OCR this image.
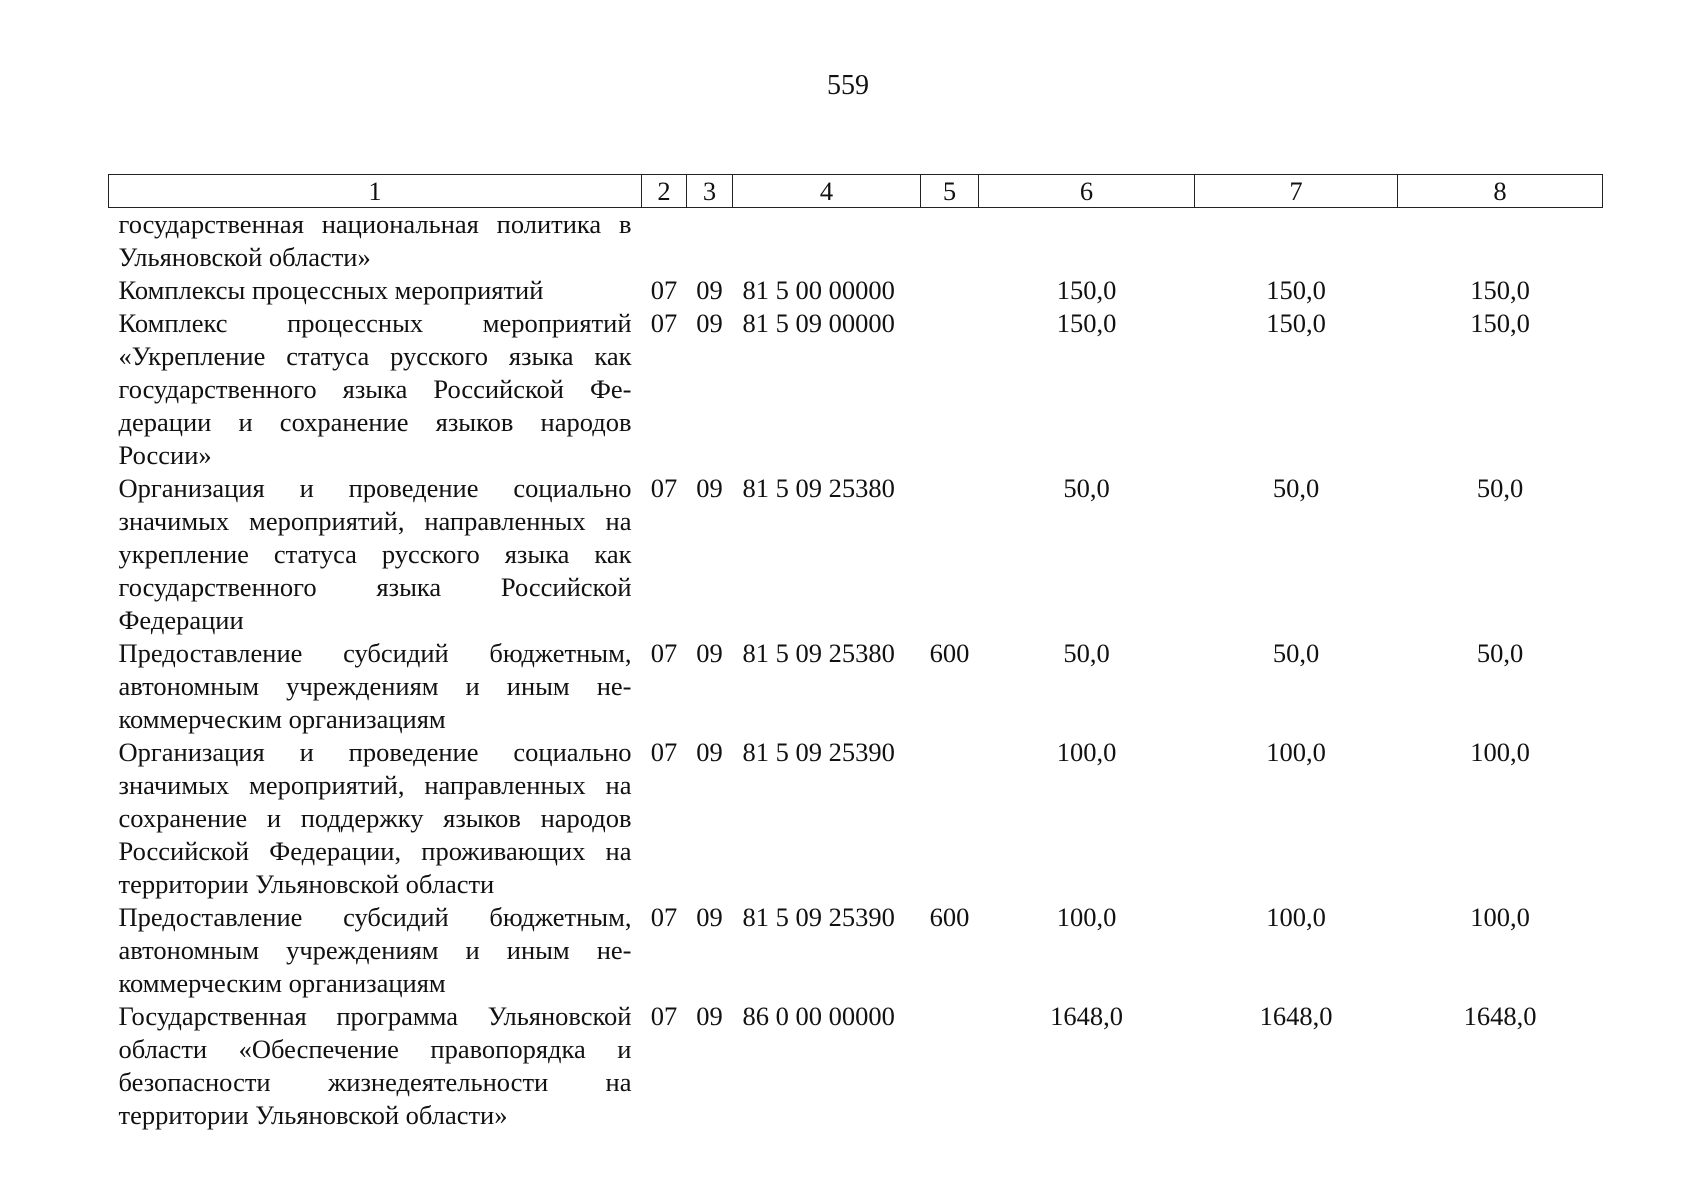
559
1	2	3	4	5	6	7	8
государственная национальная политика в Ульяновской области»							
Комплексы процессных мероприятий	07	09	81 5 00 00000		150,0	150,0	150,0
Комплекс процессных мероприятий «Укрепление статуса русского языка как государственного языка Российской Федерации и сохранение языков народов России»	07	09	81 5 09 00000		150,0	150,0	150,0
Организация и проведение социально значимых мероприятий, направленных на укрепление статуса русского языка как государственного языка Российской Федерации	07	09	81 5 09 25380		50,0	50,0	50,0
Предоставление субсидий бюджетным, автономным учреждениям и иным некоммерческим организациям	07	09	81 5 09 25380	600	50,0	50,0	50,0
Организация и проведение социально значимых мероприятий, направленных на сохранение и поддержку языков народов Российской Федерации, проживающих на территории Ульяновской области	07	09	81 5 09 25390		100,0	100,0	100,0
Предоставление субсидий бюджетным, автономным учреждениям и иным некоммерческим организациям	07	09	81 5 09 25390	600	100,0	100,0	100,0
Государственная программа Ульяновской области «Обеспечение правопорядка и безопасности жизнедеятельности на территории Ульяновской области»	07	09	86 0 00 00000		1648,0	1648,0	1648,0
